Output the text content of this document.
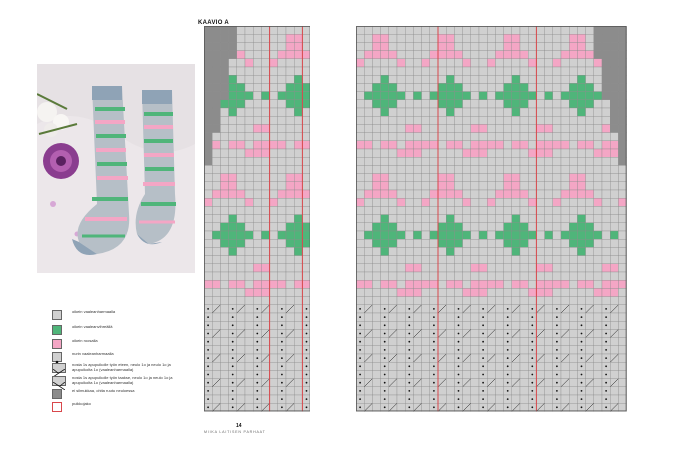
oikein vaaleanharmaalla
oikein vaaleanvihreällä
oikein roosalla
nurin vaaleanharmaalla
nosta 1s apupuikolle työn eteen, neulo 1o ja neulo 1o ja apupuikolta 1o (vaaleanharmaalla)
nosta 1s apupuikolle työn taakse, neulo 1o ja neulo 1o ja apupuikolta 1o (vaaleanharmaalla)
ei silmukkaa, ohita ruutu neuloessa
puikkojako
KAAVIO A
14
MIIKA LAITISEN PARHAAT
